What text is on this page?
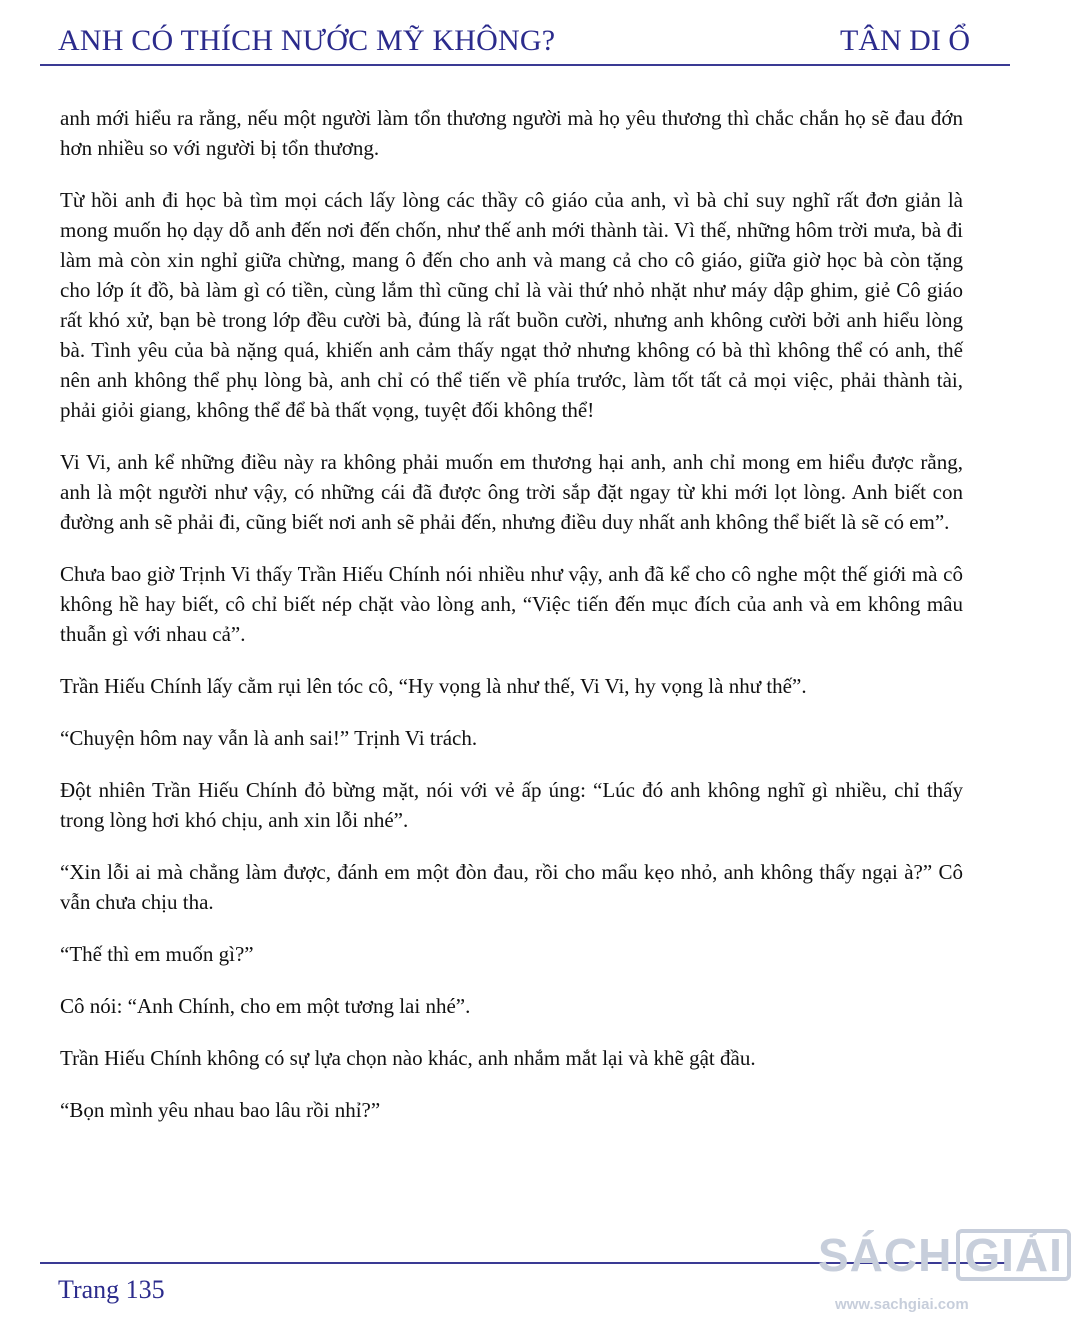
ANH CÓ THÍCH NƯỚC MỸ KHÔNG?	TÂN DI Ổ

anh mới hiểu ra rằng, nếu một người làm tổn thương người mà họ yêu thương thì chắc chắn họ sẽ đau đớn hơn nhiều so với người bị tổn thương.

Từ hồi anh đi học bà tìm mọi cách lấy lòng các thầy cô giáo của anh, vì bà chỉ suy nghĩ rất đơn giản là mong muốn họ dạy dỗ anh đến nơi đến chốn, như thế anh mới thành tài. Vì thế, những hôm trời mưa, bà đi làm mà còn xin nghỉ giữa chừng, mang ô đến cho anh và mang cả cho cô giáo, giữa giờ học bà còn tặng cho lớp ít đồ, bà làm gì có tiền, cùng lắm thì cũng chỉ là vài thứ nhỏ nhặt như máy dập ghim, giẻ Cô giáo rất khó xử, bạn bè trong lớp đều cười bà, đúng là rất buồn cười, nhưng anh không cười bởi anh hiểu lòng bà. Tình yêu của bà nặng quá, khiến anh cảm thấy ngạt thở nhưng không có bà thì không thể có anh, thế nên anh không thể phụ lòng bà, anh chỉ có thể tiến về phía trước, làm tốt tất cả mọi việc, phải thành tài, phải giỏi giang, không thể để bà thất vọng, tuyệt đối không thể!

Vi Vi, anh kể những điều này ra không phải muốn em thương hại anh, anh chỉ mong em hiểu được rằng, anh là một người như vậy, có những cái đã được ông trời sắp đặt ngay từ khi mới lọt lòng. Anh biết con đường anh sẽ phải đi, cũng biết nơi anh sẽ phải đến, nhưng điều duy nhất anh không thể biết là sẽ có em”.

Chưa bao giờ Trịnh Vi thấy Trần Hiếu Chính nói nhiều như vậy, anh đã kể cho cô nghe một thế giới mà cô không hề hay biết, cô chỉ biết nép chặt vào lòng anh, “Việc tiến đến mục đích của anh và em không mâu thuẫn gì với nhau cả”.

Trần Hiếu Chính lấy cằm rụi lên tóc cô, “Hy vọng là như thế, Vi Vi, hy vọng là như thế”.

“Chuyện hôm nay vẫn là anh sai!” Trịnh Vi trách.

Đột nhiên Trần Hiếu Chính đỏ bừng mặt, nói với vẻ ấp úng: “Lúc đó anh không nghĩ gì nhiều, chỉ thấy trong lòng hơi khó chịu, anh xin lỗi nhé”.

“Xin lỗi ai mà chẳng làm được, đánh em một đòn đau, rồi cho mẩu kẹo nhỏ, anh không thấy ngại à?” Cô vẫn chưa chịu tha.

“Thế thì em muốn gì?”

Cô nói: “Anh Chính, cho em một tương lai nhé”.

Trần Hiếu Chính không có sự lựa chọn nào khác, anh nhắm mắt lại và khẽ gật đầu.

“Bọn mình yêu nhau bao lâu rồi nhỉ?”

Trang 135
SÁCH GIẢI
www.sachgiai.com
